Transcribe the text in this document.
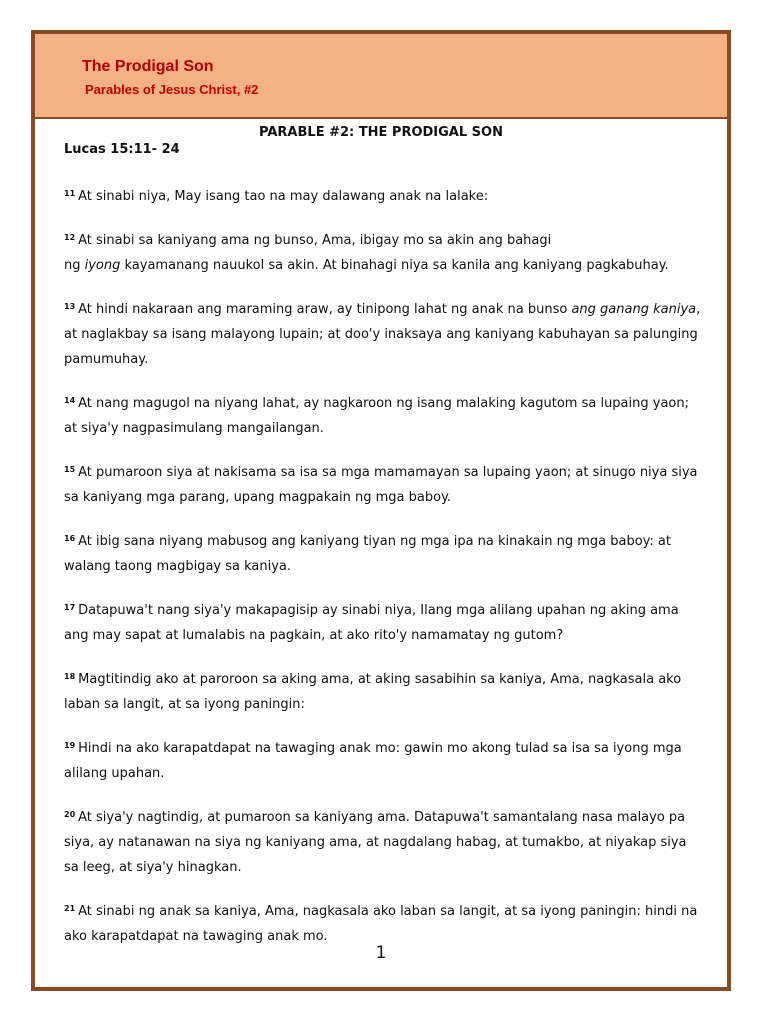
The Prodigal Son
Parables of Jesus Christ, #2
PARABLE #2: THE PRODIGAL SON
Lucas 15:11- 24

$^{11}$ At sinabi niya, May isang tao na may dalawang anak na lalake:

$^{12}$ At sinabi sa kaniyang ama ng bunso, Ama, ibigay mo sa akin ang bahagi
ng iyong kayamanang nauukol sa akin. At binahagi niya sa kanila ang kaniyang pagkabuhay.

$^{13}$ At hindi nakaraan ang maraming araw, ay tinipong lahat ng anak na bunso ang ganang kaniya, at naglakbay sa isang malayong lupain; at doo'y inaksaya ang kaniyang kabuhayan sa palunging pamumuhay.

$^{14}$ At nang magugol na niyang lahat, ay nagkaroon ng isang malaking kagutom sa lupaing yaon; at siya'y nagpasimulang mangailangan.

$^{15}$ At pumaroon siya at nakisama sa isa sa mga mamamayan sa lupaing yaon; at sinugo niya siya sa kaniyang mga parang, upang magpakain ng mga baboy.

$^{16}$ At ibig sana niyang mabusog ang kaniyang tiyan ng mga ipa na kinakain ng mga baboy: at walang taong magbigay sa kaniya.

$^{17}$ Datapuwa't nang siya'y makapagisip ay sinabi niya, Ilang mga alilang upahan ng aking ama ang may sapat at lumalabis na pagkain, at ako rito'y namamatay ng gutom?

$^{18}$ Magtitindig ako at paroroon sa aking ama, at aking sasabihin sa kaniya, Ama, nagkasala ako laban sa langit, at sa iyong paningin:

$^{19}$ Hindi na ako karapatdapat na tawaging anak mo: gawin mo akong tulad sa isa sa iyong mga alilang upahan.

$^{20}$ At siya'y nagtindig, at pumaroon sa kaniyang ama. Datapuwa't samantalang nasa malayo pa siya, ay natanawan na siya ng kaniyang ama, at nagdalang habag, at tumakbo, at niyakap siya sa leeg, at siya'y hinagkan.

$^{21}$ At sinabi ng anak sa kaniya, Ama, nagkasala ako laban sa langit, at sa iyong paningin: hindi na ako karapatdapat na tawaging anak mo.

1
